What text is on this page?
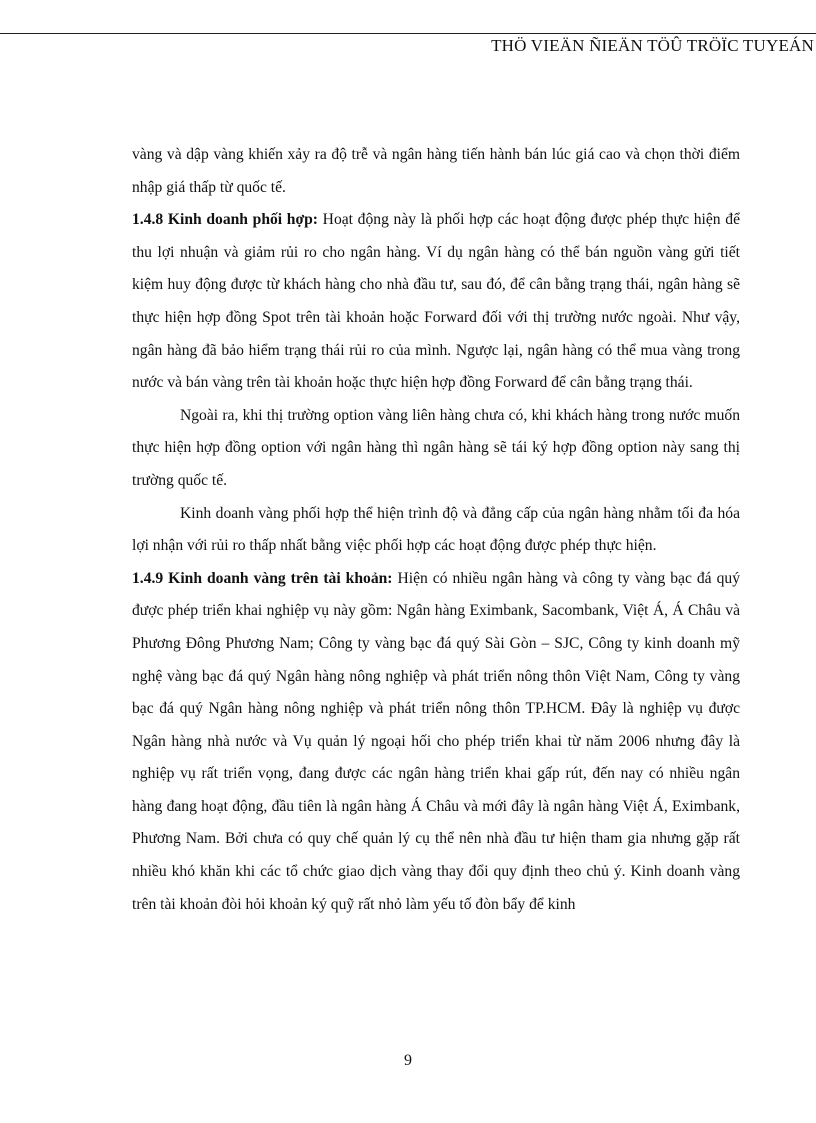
THÖ VIEÄN ÑIEÄN TÖÛ TRÖÏC TUYEÁN

vàng và dập vàng khiến xảy ra độ trễ và ngân hàng tiến hành bán lúc giá cao và chọn thời điểm nhập giá thấp từ quốc tế.

1.4.8 Kinh doanh phối hợp: Hoạt động này là phối hợp các hoạt động được phép thực hiện để thu lợi nhuận và giảm rủi ro cho ngân hàng. Ví dụ ngân hàng có thể bán nguồn vàng gửi tiết kiệm huy động được từ khách hàng cho nhà đầu tư, sau đó, để cân bằng trạng thái, ngân hàng sẽ thực hiện hợp đồng Spot trên tài khoản hoặc Forward đối với thị trường nước ngoài. Như vậy, ngân hàng đã bảo hiểm trạng thái rủi ro của mình. Ngược lại, ngân hàng có thể mua vàng trong nước và bán vàng trên tài khoản hoặc thực hiện hợp đồng Forward để cân bằng trạng thái.

Ngoài ra, khi thị trường option vàng liên hàng chưa có, khi khách hàng trong nước muốn thực hiện hợp đồng option với ngân hàng thì ngân hàng sẽ tái ký hợp đồng option này sang thị trường quốc tế.

Kinh doanh vàng phối hợp thể hiện trình độ và đẳng cấp của ngân hàng nhằm tối đa hóa lợi nhận với rủi ro thấp nhất bằng việc phối hợp các hoạt động được phép thực hiện.

1.4.9 Kinh doanh vàng trên tài khoản: Hiện có nhiều ngân hàng và công ty vàng bạc đá quý được phép triển khai nghiệp vụ này gồm: Ngân hàng Eximbank, Sacombank, Việt Á, Á Châu và Phương Đông Phương Nam; Công ty vàng bạc đá quý Sài Gòn – SJC, Công ty kinh doanh mỹ nghệ vàng bạc đá quý Ngân hàng nông nghiệp và phát triển nông thôn Việt Nam, Công ty vàng bạc đá quý Ngân hàng nông nghiệp và phát triển nông thôn TP.HCM. Đây là nghiệp vụ được Ngân hàng nhà nước và Vụ quản lý ngoại hối cho phép triển khai từ năm 2006 nhưng đây là nghiệp vụ rất triển vọng, đang được các ngân hàng triển khai gấp rút, đến nay có nhiều ngân hàng đang hoạt động, đầu tiên là ngân hàng Á Châu và mới đây là ngân hàng Việt Á, Eximbank, Phương Nam. Bởi chưa có quy chế quản lý cụ thể nên nhà đầu tư hiện tham gia nhưng gặp rất nhiều khó khăn khi các tổ chức giao dịch vàng thay đổi quy định theo chủ ý. Kinh doanh vàng trên tài khoản đòi hỏi khoản ký quỹ rất nhỏ làm yếu tố đòn bẩy để kinh

9
